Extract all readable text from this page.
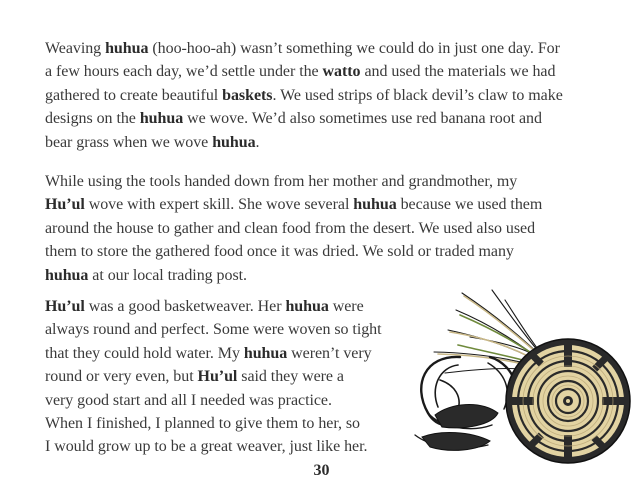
Weaving huhua (hoo-hoo-ah) wasn’t something we could do in just one day. For
a few hours each day, we’d settle under the watto and used the materials we had
gathered to create beautiful baskets. We used strips of black devil’s claw to make
designs on the huhua we wove. We’d also sometimes use red banana root and
bear grass when we wove huhua.

While using the tools handed down from her mother and grandmother, my
Hu’ul wove with expert skill. She wove several huhua because we used them
around the house to gather and clean food from the desert. We used also used
them to store the gathered food once it was dried. We sold or traded many
huhua at our local trading post.

Hu’ul was a good basketweaver. Her huhua were
always round and perfect. Some were woven so tight
that they could hold water. My huhua weren’t very
round or very even, but Hu’ul said they were a
very good start and all I needed was practice.
When I finished, I planned to give them to her, so
I would grow up to be a great weaver, just like her.

30
